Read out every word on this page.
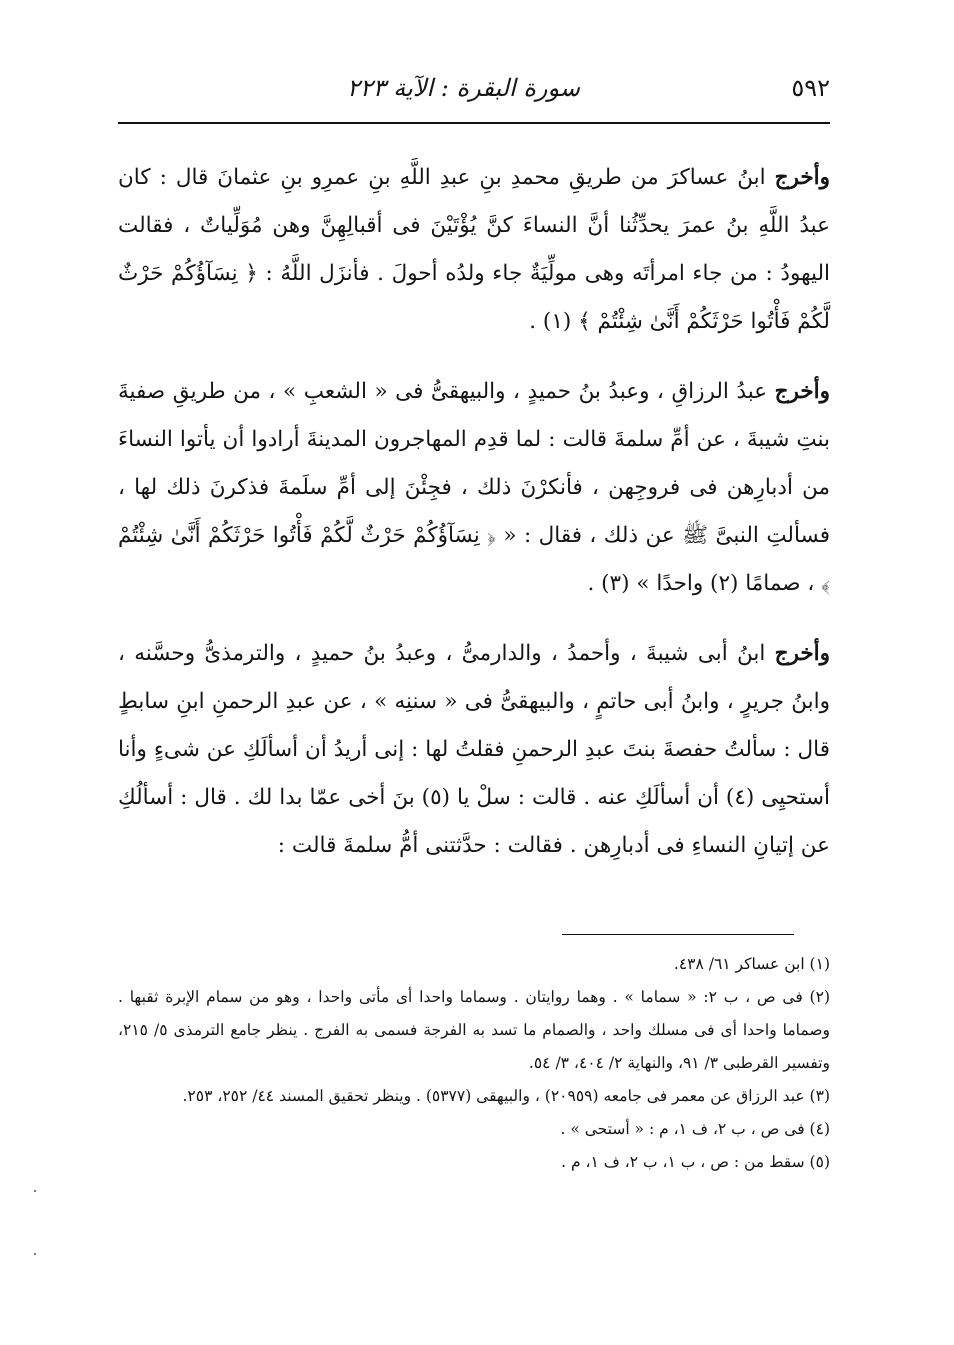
٥٩٢
سورة البقرة : الآية ٢٢٣

وأخرج ابنُ عساكرَ من طريقِ محمدِ بنِ عبدِ اللَّهِ بنِ عمرِو بنِ عثمانَ قال : كان عبدُ اللَّهِ بنُ عمرَ يحدِّثُنا أنَّ النساءَ كنَّ يُؤْتَيْنَ فى أقبالِهِنَّ وهن مُوَلِّياتٌ ، فقالت اليهودُ : من جاء امرأتَه وهى مولِّيَةٌ جاء ولدُه أحولَ . فأنزَل اللَّهُ : ﴿ نِسَآؤُكُمْ حَرْثٌ لَّكُمْ فَأْتُوا حَرْثَكُمْ أَنَّىٰ شِئْتُمْ ﴾ (١) .

وأخرج عبدُ الرزاقِ ، وعبدُ بنُ حميدٍ ، والبيهقىُّ فى « الشعبِ » ، من طريقِ صفيةَ بنتِ شيبةَ ، عن أمِّ سلمةَ قالت : لما قدِم المهاجرون المدينةَ أرادوا أن يأتوا النساءَ من أدبارِهن فى فروجِهن ، فأنكرْنَ ذلك ، فجِئْنَ إلى أمِّ سلَمةَ فذكرنَ ذلك لها ، فسألتِ النبىَّ ﷺ عن ذلك ، فقال : « ﴿ نِسَآؤُكُمْ حَرْثٌ لَّكُمْ فَأْتُوا حَرْثَكُمْ أَنَّىٰ شِئْتُمْ ﴾ ، صمامًا (٢) واحدًا » (٣) .

وأخرج ابنُ أبى شيبةَ ، وأحمدُ ، والدارمىُّ ، وعبدُ بنُ حميدٍ ، والترمذىُّ وحسَّنه ، وابنُ جريرٍ ، وابنُ أبى حاتمٍ ، والبيهقىُّ فى « سننِه » ، عن عبدِ الرحمنِ ابنِ سابطٍ قال : سألتُ حفصةَ بنتَ عبدِ الرحمنِ فقلتُ لها : إنى أريدُ أن أسألَكِ عن شىءٍ وأنا أستحيِى (٤) أن أسألَكِ عنه . قالت : سلْ يا (٥) بنَ أخى عمّا بدا لك . قال : أسألُكِ عن إتيانِ النساءِ فى أدبارِهن . فقالت : حدَّثتنى أمُّ سلمةَ قالت :

(١) ابن عساكر ٦١/ ٤٣٨.

(٢) فى ص ، ب ٢: « سماما » . وهما روايتان . وسماما واحدا أى مأتى واحدا ، وهو من سمام الإبرة ثقبها . وصماما واحدا أى فى مسلك واحد ، والصمام ما تسد به الفرجة فسمى به الفرج . ينظر جامع الترمذى ٥/ ٢١٥، وتفسير القرطبى ٣/ ٩١، والنهاية ٢/ ٤٠٤، ٣/ ٥٤.

(٣) عبد الرزاق عن معمر فى جامعه (٢٠٩٥٩) ، والبيهقى (٥٣٧٧) . وينظر تحقيق المسند ٤٤/ ٢٥٢، ٢٥٣.

(٤) فى ص ، ب ٢، ف ١، م : « أستحى » .

(٥) سقط من : ص ، ب ١، ب ٢، ف ١، م .
